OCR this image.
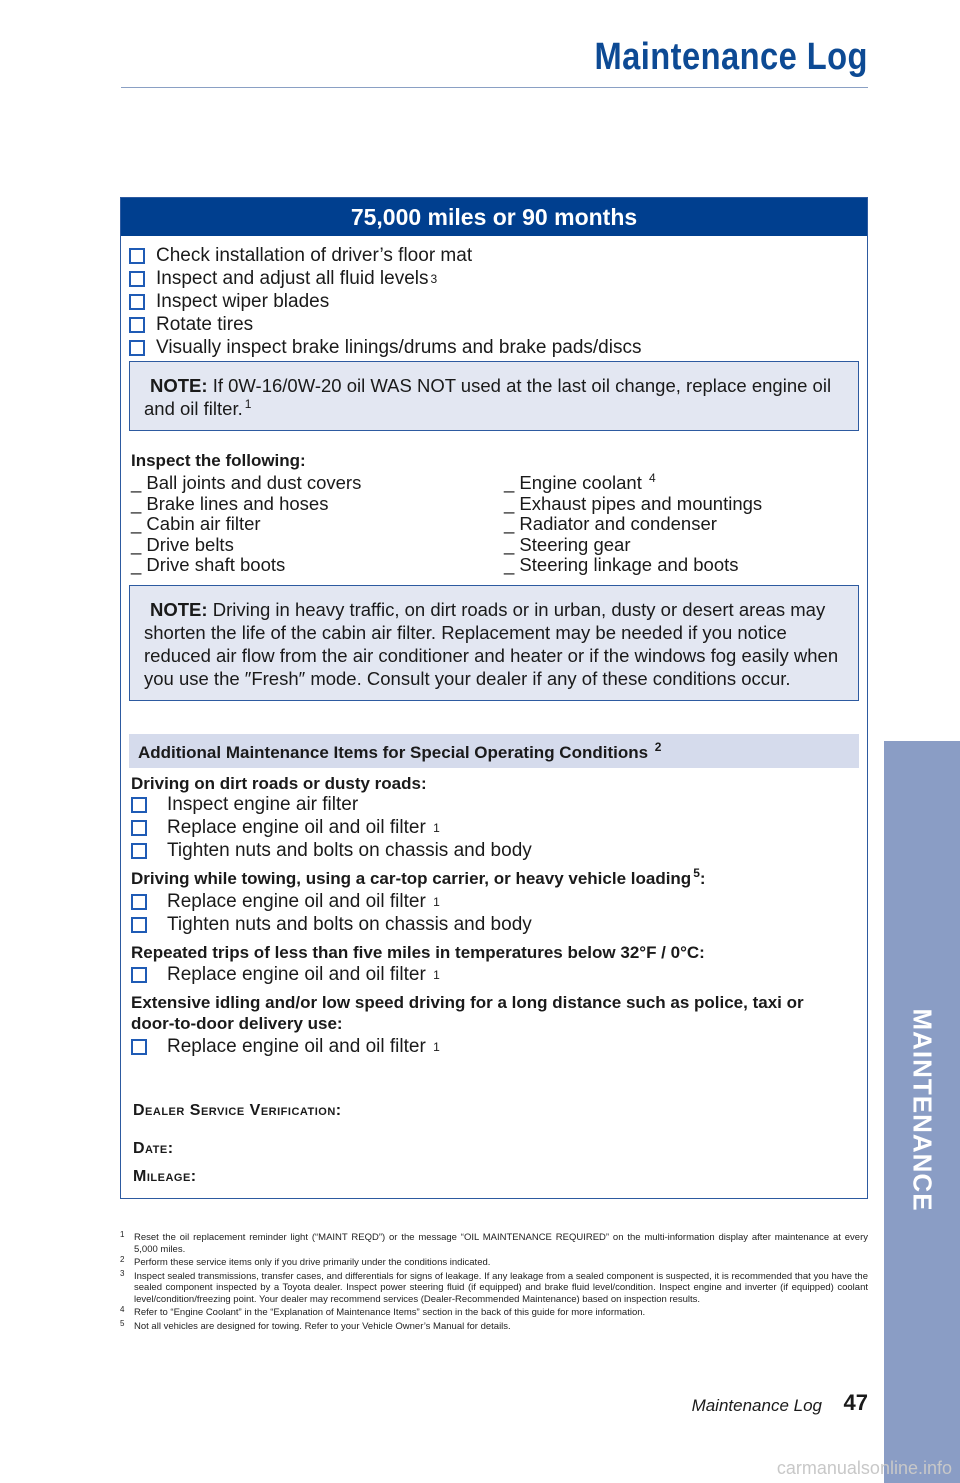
Maintenance Log
75,000 miles or 90 months
Check installation of driver’s floor mat
Inspect and adjust all fluid levels 3
Inspect wiper blades
Rotate tires
Visually inspect brake linings/drums and brake pads/discs
NOTE: If 0W-16/0W-20 oil WAS NOT used at the last oil change, replace engine oil and oil filter. $^1$
Inspect the following:
_ Ball joints and dust covers
_ Brake lines and hoses
_ Cabin air filter
_ Drive belts
_ Drive shaft boots
_ Engine coolant $^4$
_ Exhaust pipes and mountings
_ Radiator and condenser
_ Steering gear
_ Steering linkage and boots
NOTE: Driving in heavy traffic, on dirt roads or in urban, dusty or desert areas may shorten the life of the cabin air filter. Replacement may be needed if you notice reduced air flow from the air conditioner and heater or if the windows fog easily when you use the ″Fresh″ mode. Consult your dealer if any of these conditions occur.
Additional Maintenance Items for Special Operating Conditions $^2$
Driving on dirt roads or dusty roads:
Inspect engine air filter
Replace engine oil and oil filter
1
Tighten nuts and bolts on chassis and body
Driving while towing, using a car-top carrier, or heavy vehicle loading $^5$:
Replace engine oil and oil filter
1
Tighten nuts and bolts on chassis and body
Repeated trips of less than five miles in temperatures below 32°F / 0°C:
Replace engine oil and oil filter
1
Extensive idling and/or low speed driving for a long distance such as police, taxi or door-to-door delivery use:
Replace engine oil and oil filter
1
Dealer Service Verification:
Date:
Mileage:
1	Reset the oil replacement reminder light (“MAINT REQD”) or the message “OIL MAINTENANCE REQUIRED” on the multi-information display after maintenance at every 5,000 miles.
2	Perform these service items only if you drive primarily under the conditions indicated.
3	Inspect sealed transmissions, transfer cases, and differentials for signs of leakage. If any leakage from a sealed component is suspected, it is recommended that you have the sealed component inspected by a Toyota dealer. Inspect power steering fluid (if equipped) and brake fluid level/condition. Inspect engine and inverter (if equipped) coolant level/condition/freezing point. Your dealer may recommend services (Dealer-Recommended Maintenance) based on inspection results.
4	Refer to “Engine Coolant” in the “Explanation of Maintenance Items” section in the back of this guide for more information.
5	Not all vehicles are designed for towing. Refer to your Vehicle Owner’s Manual for details.
MAINTENANCE
Maintenance Log 47
carmanualsonline.info
